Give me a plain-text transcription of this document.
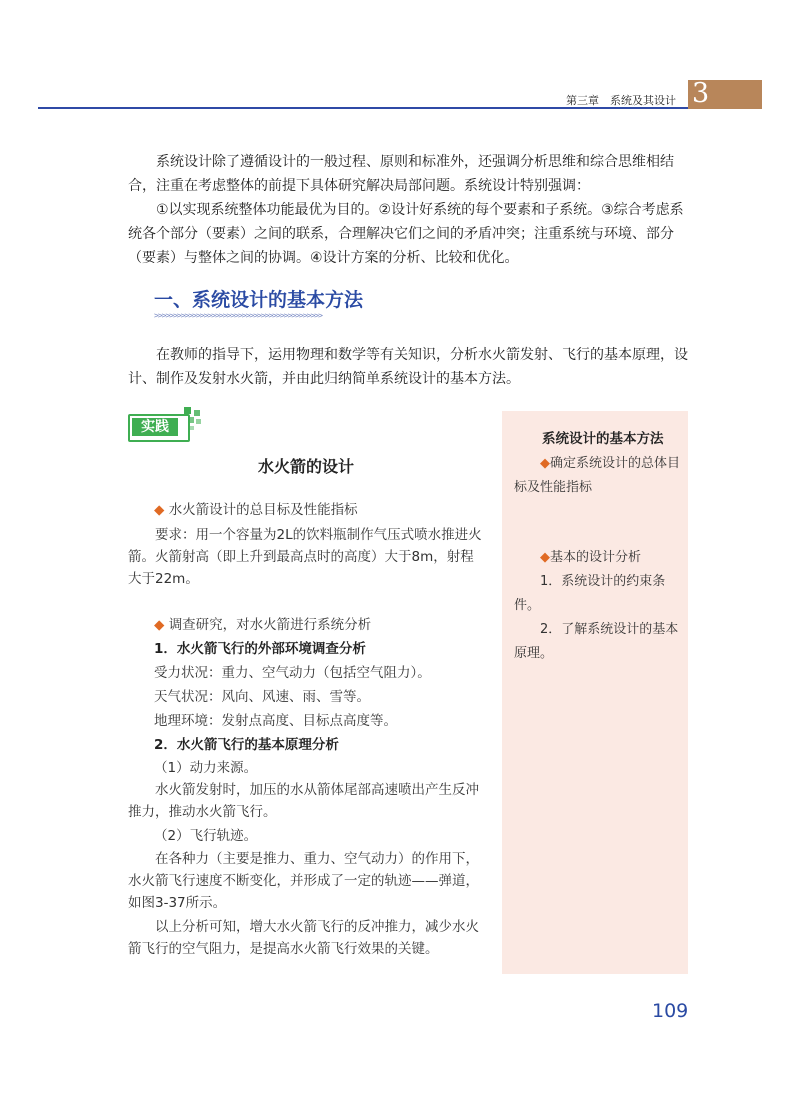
第三章　系统及其设计 3
系统设计除了遵循设计的一般过程、原则和标准外，还强调分析思维和综合思维相结合，注重在考虑整体的前提下具体研究解决局部问题。系统设计特别强调：
①以实现系统整体功能最优为目的。②设计好系统的每个要素和子系统。③综合考虑系统各个部分（要素）之间的联系，合理解决它们之间的矛盾冲突；注重系统与环境、部分（要素）与整体之间的协调。④设计方案的分析、比较和优化。
一、系统设计的基本方法
>>>>>>>>>>>>>>>>>>>>>>>>>>>>>>>>>>>>>>>>>>>>
在教师的指导下，运用物理和数学等有关知识，分析水火箭发射、飞行的基本原理，设计、制作及发射水火箭，并由此归纳简单系统设计的基本方法。
实践
水火箭的设计
◆ 水火箭设计的总目标及性能指标
要求：用一个容量为2L的饮料瓶制作气压式喷水推进火箭。火箭射高（即上升到最高点时的高度）大于8m，射程大于22m。
◆ 调查研究，对水火箭进行系统分析
1．水火箭飞行的外部环境调查分析
受力状况：重力、空气动力（包括空气阻力）。
天气状况：风向、风速、雨、雪等。
地理环境：发射点高度、目标点高度等。
2．水火箭飞行的基本原理分析
（1）动力来源。
水火箭发射时，加压的水从箭体尾部高速喷出产生反冲推力，推动水火箭飞行。
（2）飞行轨迹。
在各种力（主要是推力、重力、空气动力）的作用下，水火箭飞行速度不断变化，并形成了一定的轨迹——弹道，如图3-37所示。
以上分析可知，增大水火箭飞行的反冲推力，减少水火箭飞行的空气阻力，是提高水火箭飞行效果的关键。
系统设计的基本方法
◆确定系统设计的总体目标及性能指标
◆基本的设计分析
1．系统设计的约束条件。
2．了解系统设计的基本原理。
109
